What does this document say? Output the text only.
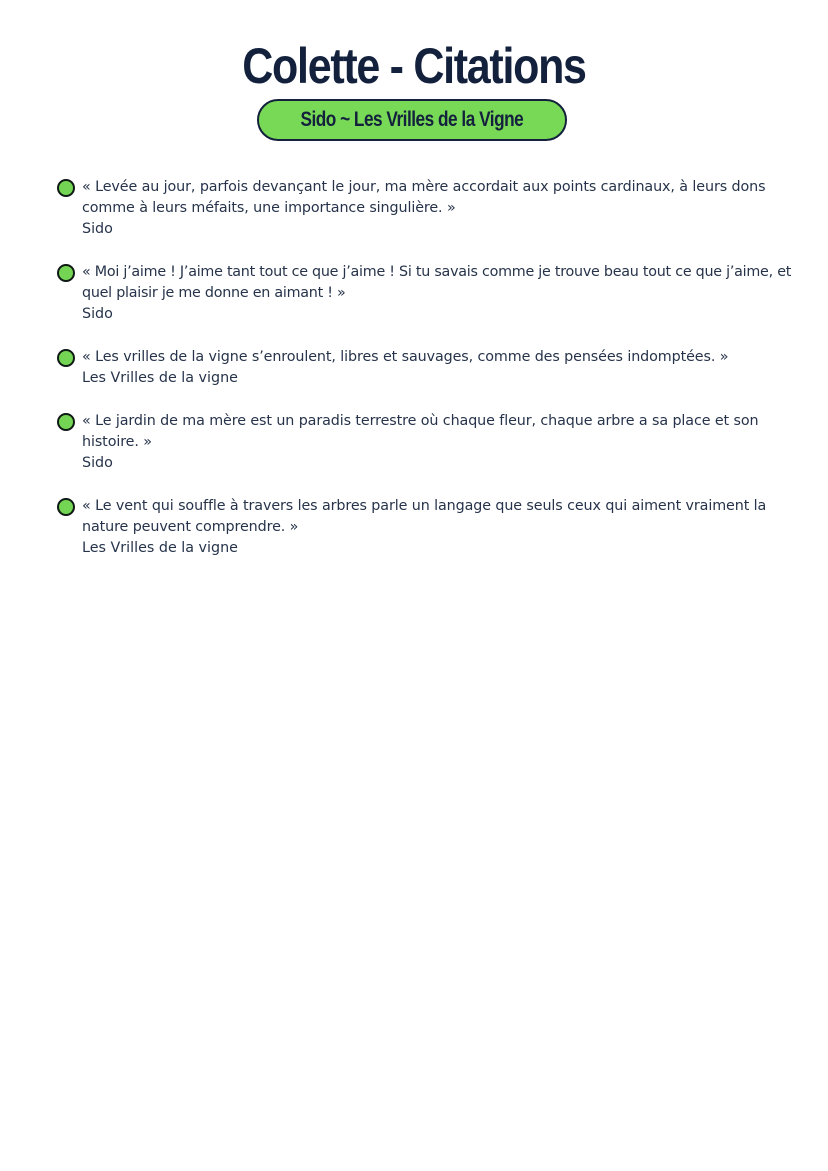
Colette - Citations
Sido ~ Les Vrilles de la Vigne
« Levée au jour, parfois devançant le jour, ma mère accordait aux points cardinaux, à leurs dons comme à leurs méfaits, une importance singulière. »
Sido
« Moi j’aime ! J’aime tant tout ce que j’aime ! Si tu savais comme je trouve beau tout ce que j’aime, et quel plaisir je me donne en aimant ! »
Sido
« Les vrilles de la vigne s’enroulent, libres et sauvages, comme des pensées indomptées. »
Les Vrilles de la vigne
« Le jardin de ma mère est un paradis terrestre où chaque fleur, chaque arbre a sa place et son histoire. »
Sido
« Le vent qui souffle à travers les arbres parle un langage que seuls ceux qui aiment vraiment la nature peuvent comprendre. »
Les Vrilles de la vigne
